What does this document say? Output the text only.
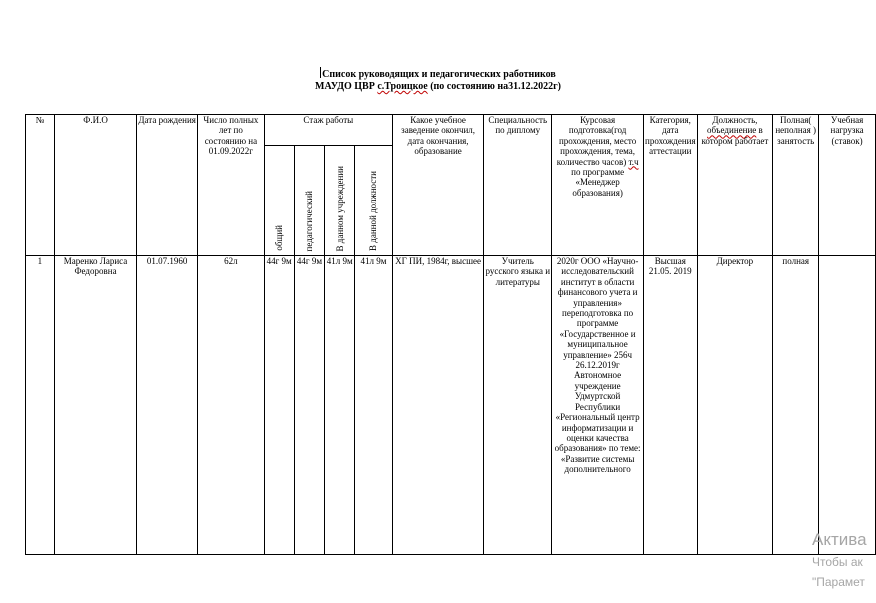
Список руководящих и педагогических работников
МАУДО ЦВР с.Троицкое (по состоянию на31.12.2022г)
№	Ф.И.О	Дата рождения	Число полных лет по состоянию на 01.09.2022г	Стаж работы				Какое учебное заведение окончил, дата окончания, образование	Специальность по диплому	Курсовая подготовка(год прохождения, место прохождения, тема, количество часов) т.ч по программе «Менеджер образования)	Категория, дата прохождения аттестации	Должность, объединение в котором работает	Полная( неполная ) занятость	Учебная нагрузка (ставок)

				общий	педагогический	В данном учреждении	В данной должности							

1	Маренко Лариса Федоровна	01.07.1960	62л	44г 9м	44г 9м	41л 9м	41л 9м	ХГ ПИ, 1984г, высшее	Учитель русского языка и литературы	2020г ООО «Научно-исследовательский институт в области финансового учета и управления» переподготовка по программе «Государственное и муниципальное управление» 256ч 26.12.2019г Автономное учреждение Удмуртской Республики «Региональный центр информатизации и оценки качества образования» по теме: «Развитие системы дополнительного	Высшая 21.05. 2019	Директор	полная	
Актива
Чтобы ак
"Парамет
